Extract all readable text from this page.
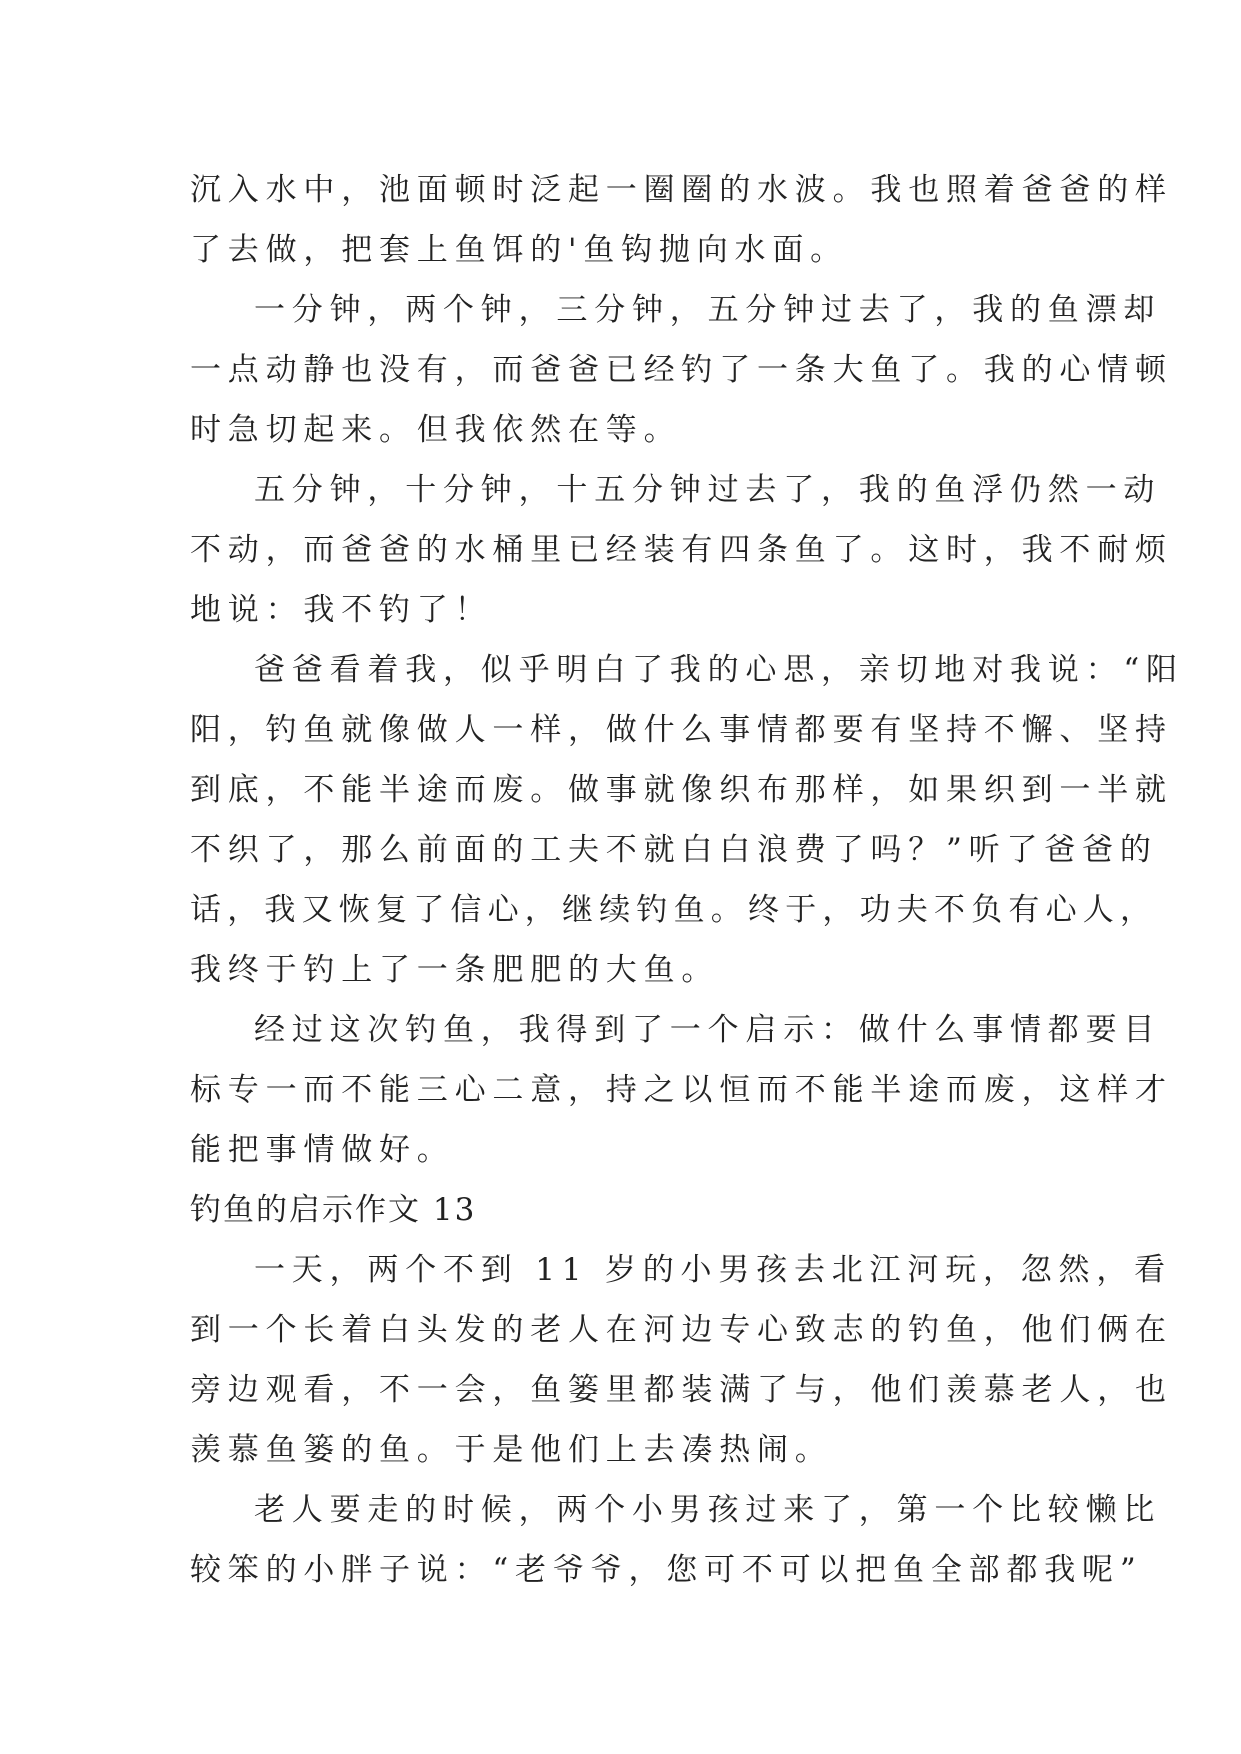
沉入水中，池面顿时泛起一圈圈的水波。我也照着爸爸的样
了去做，把套上鱼饵的'鱼钩抛向水面。
一分钟，两个钟，三分钟，五分钟过去了，我的鱼漂却
一点动静也没有，而爸爸已经钓了一条大鱼了。我的心情顿
时急切起来。但我依然在等。
五分钟，十分钟，十五分钟过去了，我的鱼浮仍然一动
不动，而爸爸的水桶里已经装有四条鱼了。这时，我不耐烦
地说：我不钓了！
爸爸看着我，似乎明白了我的心思，亲切地对我说：“阳
阳，钓鱼就像做人一样，做什么事情都要有坚持不懈、坚持
到底，不能半途而废。做事就像织布那样，如果织到一半就
不织了，那么前面的工夫不就白白浪费了吗？”听了爸爸的
话，我又恢复了信心，继续钓鱼。终于，功夫不负有心人，
我终于钓上了一条肥肥的大鱼。
经过这次钓鱼，我得到了一个启示：做什么事情都要目
标专一而不能三心二意，持之以恒而不能半途而废，这样才
能把事情做好。
钓鱼的启示作文 13
一天，两个不到 11 岁的小男孩去北江河玩，忽然，看
到一个长着白头发的老人在河边专心致志的钓鱼，他们俩在
旁边观看，不一会，鱼篓里都装满了与，他们羡慕老人，也
羡慕鱼篓的鱼。于是他们上去凑热闹。
老人要走的时候，两个小男孩过来了，第一个比较懒比
较笨的小胖子说：“老爷爷，您可不可以把鱼全部都我呢”
